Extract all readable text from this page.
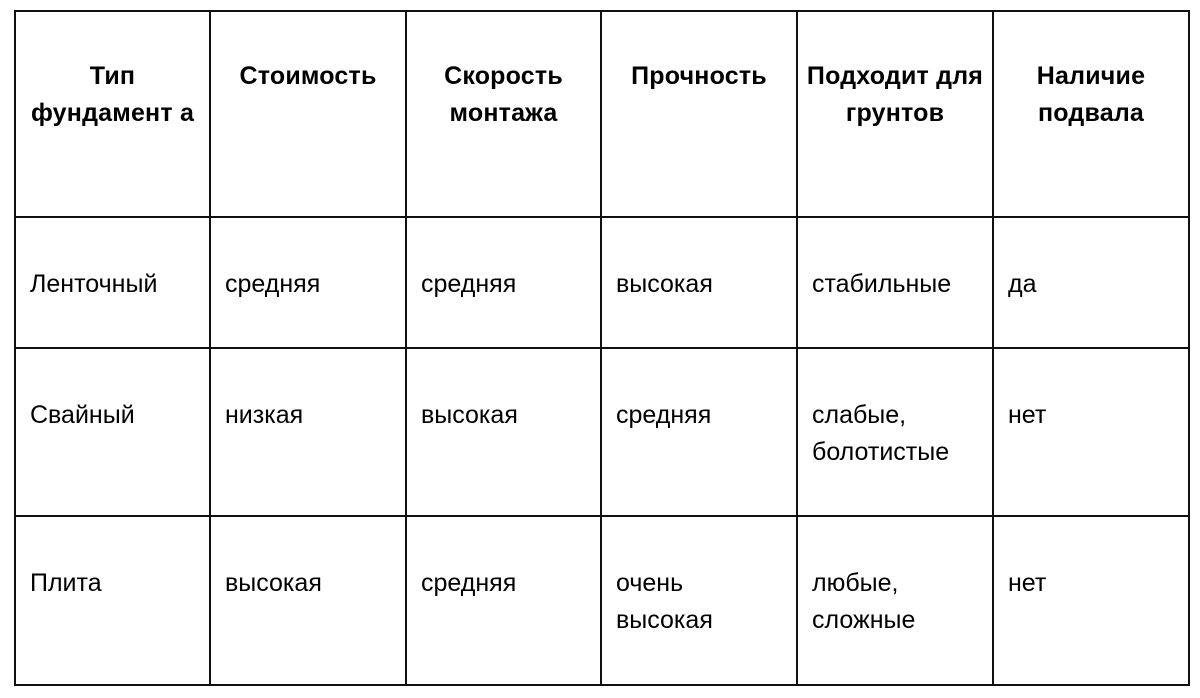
Тип фундамент а	Стоимость	Скорость монтажа	Прочность	Подходит для грунтов	Наличие подвала
Ленточный	средняя	средняя	высокая	стабильные	да
Свайный	низкая	высокая	средняя	слабые, болотистые	нет
Плита	высокая	средняя	очень высокая	любые, сложные	нет
